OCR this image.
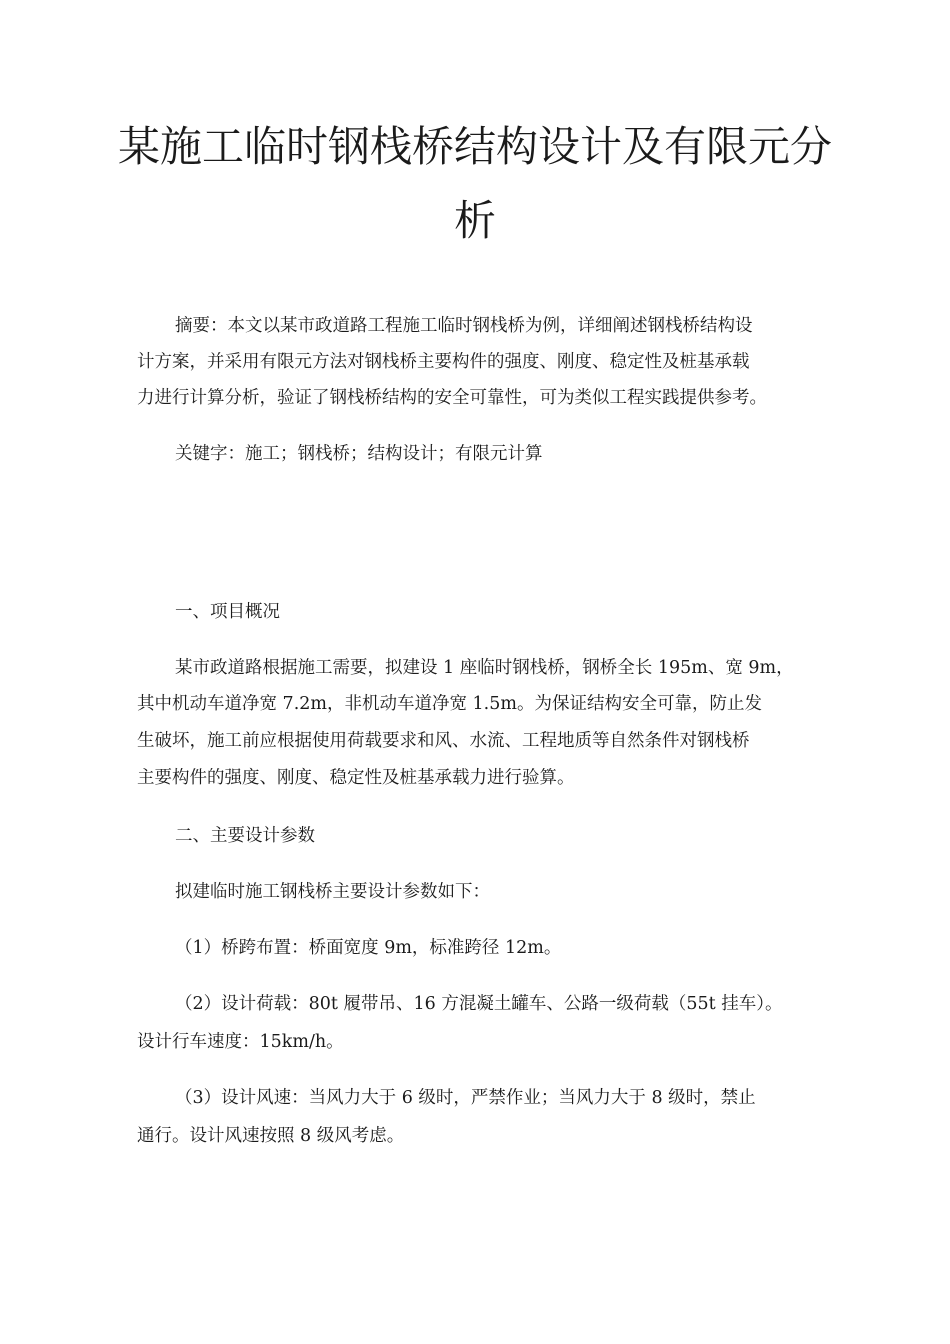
某施工临时钢栈桥结构设计及有限元分
析

摘要：本文以某市政道路工程施工临时钢栈桥为例，详细阐述钢栈桥结构设

计方案，并采用有限元方法对钢栈桥主要构件的强度、刚度、稳定性及桩基承载

力进行计算分析，验证了钢栈桥结构的安全可靠性，可为类似工程实践提供参考。

关键字：施工；钢栈桥；结构设计；有限元计算

一、项目概况

某市政道路根据施工需要，拟建设 1 座临时钢栈桥，钢桥全长 195m、宽 9m，

其中机动车道净宽 7.2m，非机动车道净宽 1.5m。为保证结构安全可靠，防止发

生破坏，施工前应根据使用荷载要求和风、水流、工程地质等自然条件对钢栈桥

主要构件的强度、刚度、稳定性及桩基承载力进行验算。

二、主要设计参数

拟建临时施工钢栈桥主要设计参数如下：

（1）桥跨布置：桥面宽度 9m，标准跨径 12m。

（2）设计荷载：80t 履带吊、16 方混凝土罐车、公路一级荷载（55t 挂车）。

设计行车速度：15km/h。

（3）设计风速：当风力大于 6 级时，严禁作业；当风力大于 8 级时，禁止

通行。设计风速按照 8 级风考虑。
